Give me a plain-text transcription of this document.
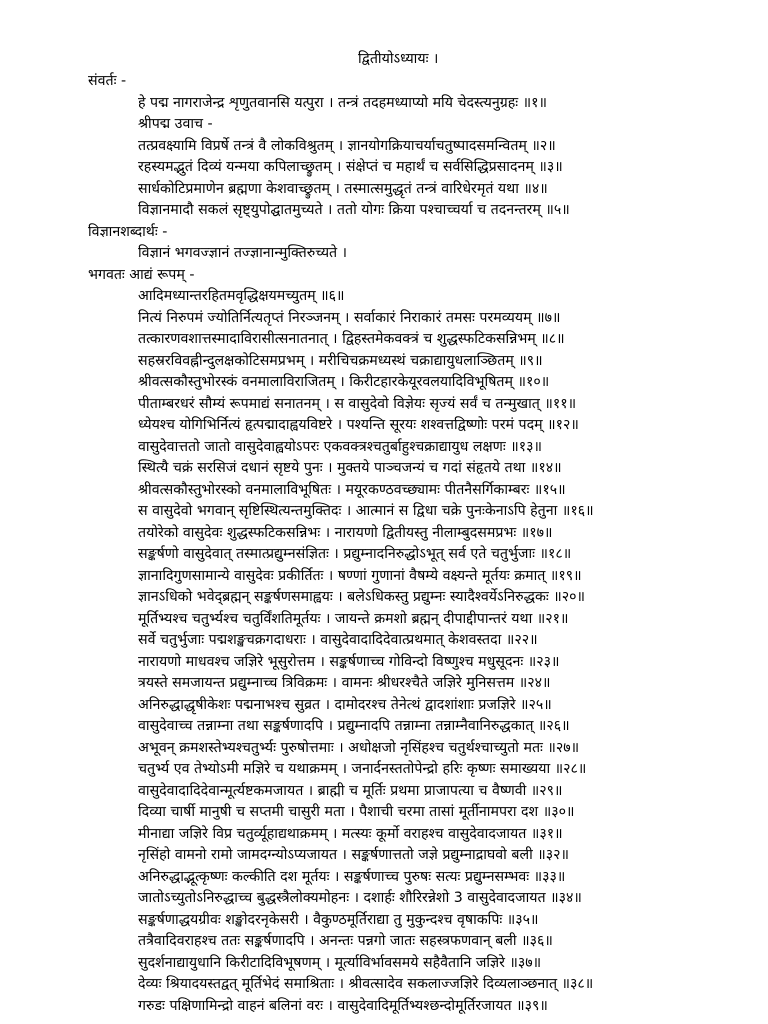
द्वितीयोऽध्यायः ।
संवर्तः -
हे पद्म नागराजेन्द्र शृणुतवानसि यत्पुरा । तन्त्रं तदहमध्याप्यो मयि चेदस्त्यनुग्रहः ॥१॥
श्रीपद्म उवाच -
तत्प्रवक्ष्यामि विप्रर्षे तन्त्रं वै लोकविश्रुतम् । ज्ञानयोगक्रियाचर्याचतुष्पादसमन्वितम् ॥२॥
रहस्यमद्भुतं दिव्यं यन्मया कपिलाच्छ्रुतम् । संक्षेप्तं च महार्थं च सर्वसिद्धिप्रसादनम् ॥३॥
सार्धकोटिप्रमाणेन ब्रह्मणा केशवाच्छ्रुतम् । तस्मात्समुद्धृतं तन्त्रं वारिधेरमृतं यथा ॥४॥
विज्ञानमादौ सकलं सृष्ट्युपोद्घातमुच्यते । ततो योगः क्रिया पश्चाच्चर्या च तदनन्तरम् ॥५॥
विज्ञानशब्दार्थः -
विज्ञानं भगवज्ज्ञानं तज्ज्ञानान्मुक्तिरुच्यते ।
भगवतः आद्यं रूपम् -
आदिमध्यान्तरहितमवृद्धिक्षयमच्युतम् ॥६॥
नित्यं निरुपमं ज्योतिर्नित्यतृप्तं निरञ्जनम् । सर्वाकारं निराकारं तमसः परमव्ययम् ॥७॥
तत्कारणवशात्तस्मादाविरासीत्सनातनात् । द्विहस्तमेकवक्त्रं च शुद्धस्फटिकसन्निभम् ॥८॥
सहस्ररविवह्नीन्दुलक्षकोटिसमप्रभम् । मरीचिचक्रमध्यस्थं चक्राद्यायुधलाञ्छितम् ॥९॥
श्रीवत्सकौस्तुभोरस्कं वनमालाविराजितम् । किरीटहारकेयूरवलयादिविभूषितम् ॥१०॥
पीताम्बरधरं सौम्यं रूपमाद्यं सनातनम् । स वासुदेवो विज्ञेयः सृज्यं सर्वं च तन्मुखात् ॥११॥
ध्येयश्च योगिभिर्नित्यं हृत्पद्मादाह्वयविष्टरे । पश्यन्ति सूरयः शश्वत्तद्विष्णोः परमं पदम् ॥१२॥
वासुदेवात्ततो जातो वासुदेवाह्वयोऽपरः एकवक्त्रश्चतुर्बाहुश्चक्राद्यायुध लक्षणः ॥१३॥
स्थित्यै चक्रं सरसिजं दधानं सृष्टये पुनः । मुक्तये पाञ्चजन्यं च गदां संहृतये तथा ॥१४॥
श्रीवत्सकौस्तुभोरस्को वनमालाविभूषितः । मयूरकण्ठवच्छ्यामः पीतनैसर्गिकाम्बरः ॥१५॥
स वासुदेवो भगवान् सृष्टिस्थित्यन्तमुक्तिदः । आत्मानं स द्विधा चक्रे पुनःकेनाऽपि हेतुना ॥१६॥
तयोरेको वासुदेवः शुद्धस्फटिकसन्निभः । नारायणो द्वितीयस्तु नीलाम्बुदसमप्रभः ॥१७॥
सङ्कर्षणो वासुदेवात् तस्मात्प्रद्युम्नसंज्ञितः । प्रद्युम्नादनिरुद्धोऽभूत् सर्व एते चतुर्भुजाः ॥१८॥
ज्ञानादिगुणसामान्ये वासुदेवः प्रकीर्तितः । षण्णां गुणानां वैषम्ये वक्ष्यन्ते मूर्तयः क्रमात् ॥१९॥
ज्ञानऽधिको भवेद्ब्रह्मन् सङ्कर्षणसमाह्वयः । बलेऽधिकस्तु प्रद्युम्नः स्यादैश्वर्येऽनिरुद्धकः ॥२०॥
मूर्तिभ्यश्च चतुर्भ्यश्च चतुर्विंशतिमूर्तयः । जायन्ते क्रमशो ब्रह्मन् दीपाद्दीपान्तरं यथा ॥२१॥
सर्वे चतुर्भुजाः पद्मशङ्खचक्रगदाधराः । वासुदेवादादिदेवात्प्रथमात् केशवस्तदा ॥२२॥
नारायणो माधवश्च जज्ञिरे भूसुरोत्तम । सङ्कर्षणाच्च गोविन्दो विष्णुश्च मधुसूदनः ॥२३॥
त्रयस्ते समजायन्त प्रद्युम्नाच्च त्रिविक्रमः । वामनः श्रीधरश्चैते जज्ञिरे मुनिसत्तम ॥२४॥
अनिरुद्धाद्धृषीकेशः पद्मनाभश्च सुव्रत । दामोदरश्च तेनेत्थं द्वादशांशाः प्रजज्ञिरे ॥२५॥
वासुदेवाच्च तन्नाम्ना तथा सङ्कर्षणादपि । प्रद्युम्नादपि तन्नाम्ना तन्नाम्नैवानिरुद्धकात् ॥२६॥
अभूवन् क्रमशस्तेभ्यश्चतुर्भ्यः पुरुषोत्तमाः । अधोक्षजो नृसिंहश्च चतुर्थश्चाच्युतो मतः ॥२७॥
चतुर्भ्य एव तेभ्योऽमी मज्ञिरे च यथाक्रमम् । जनार्दनस्ततोपेन्द्रो हरिः कृष्णः समाख्यया ॥२८॥
वासुदेवादादिदेवान्मूर्त्यष्टकमजायत । ब्राह्मी च मूर्तिः प्रथमा प्राजापत्या च वैष्णवी ॥२९॥
दिव्या चार्षी मानुषी च सप्तमी चासुरी मता । पैशाची चरमा तासां मूर्तीनामपरा दश ॥३०॥
मीनाद्या जज्ञिरे विप्र चतुर्व्यूहाद्यथाक्रमम् । मत्स्यः कूर्मो वराहश्च वासुदेवादजायत ॥३१॥
नृसिंहो वामनो रामो जामदग्न्योऽप्यजायत । सङ्कर्षणात्ततो जज्ञे प्रद्युम्नाद्राघवो बली ॥३२॥
अनिरुद्धाद्भूत्कृष्णः कल्कीति दश मूर्तयः । सङ्कर्षणाच्च पुरुषः सत्यः प्रद्युम्नसम्भवः ॥३३॥
जातोऽच्युतोऽनिरुद्धाच्च बुद्धस्त्रैलोक्यमोहनः । दशार्हः शौरिरन्नेशो 3 वासुदेवादजायत ॥३४॥
सङ्कर्षणाद्धयग्रीवः शङ्खोदरनृकेसरी । वैकुण्ठमूर्तिराद्या तु मुकुन्दश्च वृषाकपिः ॥३५॥
तत्रैवादिवराहश्च ततः सङ्कर्षणादपि । अनन्तः पन्नगो जातः सहस्त्रफणवान् बली ॥३६॥
सुदर्शनाद्यायुधानि किरीटादिविभूषणम् । मूर्त्याविर्भावसमये सहैवैतानि जज्ञिरे ॥३७॥
देव्यः श्रियादयस्तद्वत् मूर्तिभेदं समाश्रिताः । श्रीवत्सादेव सकलाज्जज्ञिरे दिव्यलाञ्छनात् ॥३८॥
गरुडः पक्षिणामिन्द्रो वाहनं बलिनां वरः । वासुदेवादिमूर्तिभ्यश्छन्दोमूर्तिरजायत ॥३९॥
